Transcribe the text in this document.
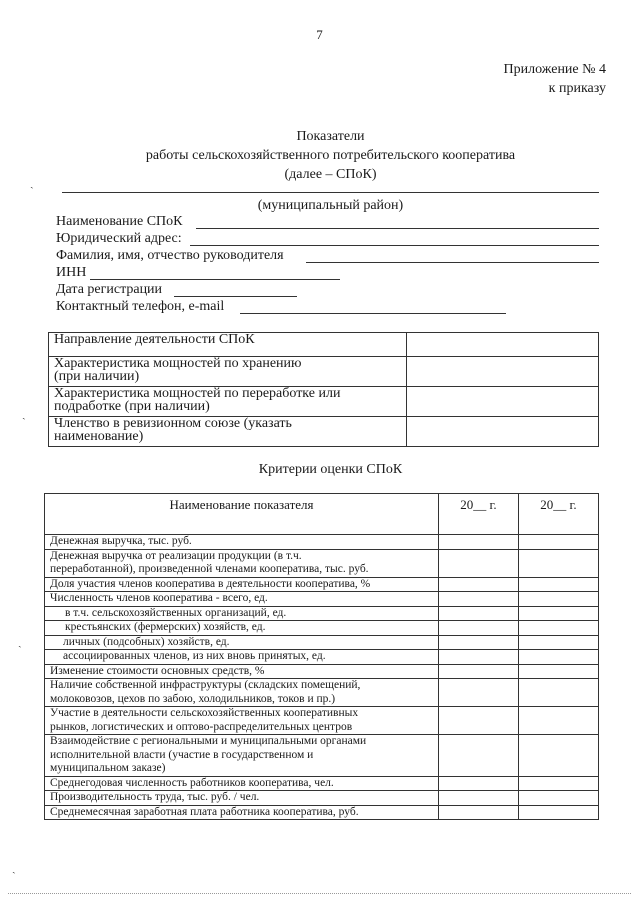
7
Приложение № 4
к приказу
Показатели
работы сельскохозяйственного потребительского кооператива
(далее – СПоК)
(муниципальный район)
Наименование СПоК
Юридический адрес:
Фамилия, имя, отчество руководителя
ИНН
Дата регистрации
Контактный телефон, e-mail
Направление деятельности СПоК	

Характеристика мощностей по хранению
(при наличии)	

Характеристика мощностей по переработке или
подработке (при наличии)	

Членство в ревизионном союзе (указать
наименование)	

Критерии оценки СПоК
Наименование показателя	20__ г.	20__ г.

Денежная выручка, тыс. руб.		

Денежная выручка от реализации продукции (в т.ч.
переработанной), произведенной членами кооператива, тыс. руб.		

Доля участия членов кооператива в деятельности кооператива, %		

Численность членов кооператива - всего, ед.		

в т.ч. сельскохозяйственных организаций, ед.		

крестьянских (фермерских) хозяйств, ед.		

личных (подсобных) хозяйств, ед.		

ассоциированных членов, из них вновь принятых, ед.		

Изменение стоимости основных средств, %		

Наличие собственной инфраструктуры (складских помещений,
молоковозов, цехов по забою, холодильников, токов и пр.)		

Участие в деятельности сельскохозяйственных кооперативных
рынков, логистических и оптово-распределительных центров		

Взаимодействие с региональными и муниципальными органами
исполнительной власти (участие в государственном и
муниципальном заказе)		

Среднегодовая численность работников кооператива, чел.		

Производительность труда, тыс. руб. / чел.		

Среднемесячная заработная плата работника кооператива, руб.		

ˏ
ˏ
ˏ
ˏ
